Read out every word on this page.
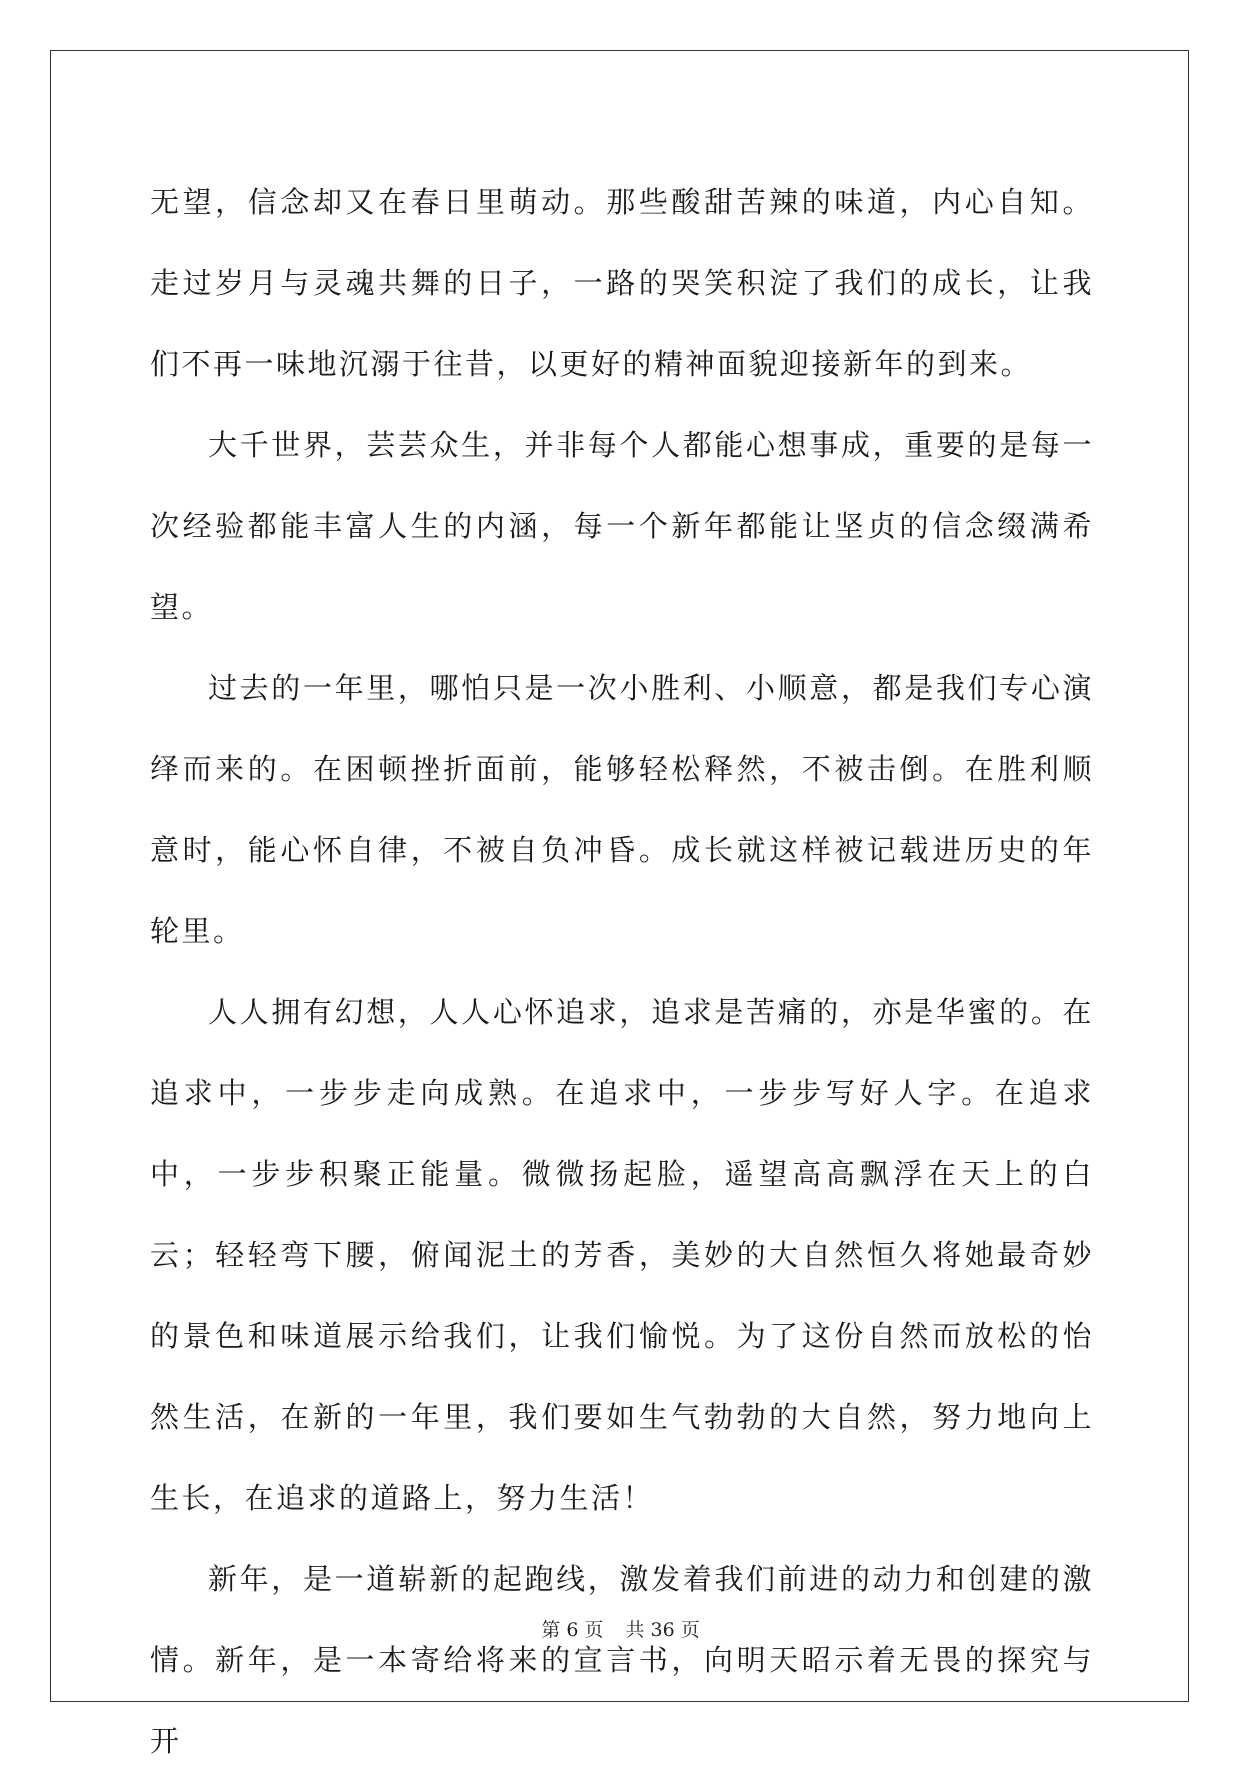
无望，信念却又在春日里萌动。那些酸甜苦辣的味道，内心自知。走过岁月与灵魂共舞的日子，一路的哭笑积淀了我们的成长，让我们不再一味地沉溺于往昔，以更好的精神面貌迎接新年的到来。

大千世界，芸芸众生，并非每个人都能心想事成，重要的是每一次经验都能丰富人生的内涵，每一个新年都能让坚贞的信念缀满希望。

过去的一年里，哪怕只是一次小胜利、小顺意，都是我们专心演绎而来的。在困顿挫折面前，能够轻松释然，不被击倒。在胜利顺意时，能心怀自律，不被自负冲昏。成长就这样被记载进历史的年轮里。

人人拥有幻想，人人心怀追求，追求是苦痛的，亦是华蜜的。在追求中，一步步走向成熟。在追求中，一步步写好人字。在追求中，一步步积聚正能量。微微扬起脸，遥望高高飘浮在天上的白云；轻轻弯下腰，俯闻泥土的芳香，美妙的大自然恒久将她最奇妙的景色和味道展示给我们，让我们愉悦。为了这份自然而放松的怡然生活，在新的一年里，我们要如生气勃勃的大自然，努力地向上生长，在追求的道路上，努力生活！

新年，是一道崭新的起跑线，激发着我们前进的动力和创建的激情。新年，是一本寄给将来的宣言书，向明天昭示着无畏的探究与开

第 6 页 共 36 页
